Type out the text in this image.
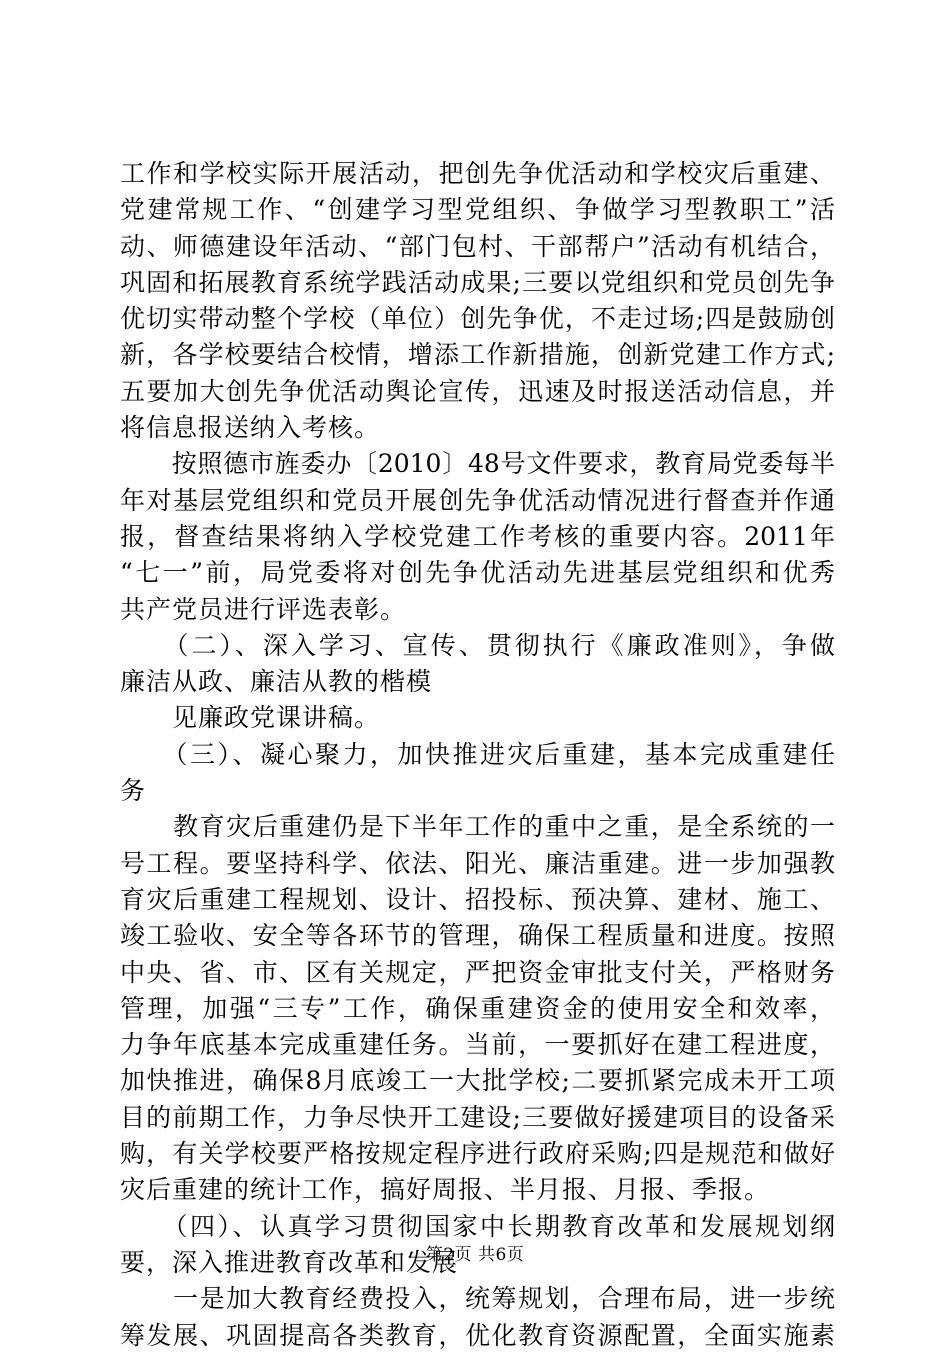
工作和学校实际开展活动，把创先争优活动和学校灾后重建、
党建常规工作、“创建学习型党组织、争做学习型教职工”活
动、师德建设年活动、“部门包村、干部帮户”活动有机结合，
巩固和拓展教育系统学践活动成果;三要以党组织和党员创先争
优切实带动整个学校（单位）创先争优，不走过场;四是鼓励创
新，各学校要结合校情，增添工作新措施，创新党建工作方式;
五要加大创先争优活动舆论宣传，迅速及时报送活动信息，并
将信息报送纳入考核。
　　按照德市旌委办〔2010〕48号文件要求，教育局党委每半
年对基层党组织和党员开展创先争优活动情况进行督查并作通
报，督查结果将纳入学校党建工作考核的重要内容。2011年
“七一”前，局党委将对创先争优活动先进基层党组织和优秀
共产党员进行评选表彰。
　　（二）、深入学习、宣传、贯彻执行《廉政准则》，争做
廉洁从政、廉洁从教的楷模
　　见廉政党课讲稿。
　　（三）、凝心聚力，加快推进灾后重建，基本完成重建任
务
　　教育灾后重建仍是下半年工作的重中之重，是全系统的一
号工程。要坚持科学、依法、阳光、廉洁重建。进一步加强教
育灾后重建工程规划、设计、招投标、预决算、建材、施工、
竣工验收、安全等各环节的管理，确保工程质量和进度。按照
中央、省、市、区有关规定，严把资金审批支付关，严格财务
管理，加强“三专”工作，确保重建资金的使用安全和效率，
力争年底基本完成重建任务。当前，一要抓好在建工程进度，
加快推进，确保8月底竣工一大批学校;二要抓紧完成未开工项
目的前期工作，力争尽快开工建设;三要做好援建项目的设备采
购，有关学校要严格按规定程序进行政府采购;四是规范和做好
灾后重建的统计工作，搞好周报、半月报、月报、季报。
　　（四）、认真学习贯彻国家中长期教育改革和发展规划纲
要，深入推进教育改革和发展
　　一是加大教育经费投入，统筹规划，合理布局，进一步统
筹发展、巩固提高各类教育，优化教育资源配置，全面实施素
第2页 共6页
